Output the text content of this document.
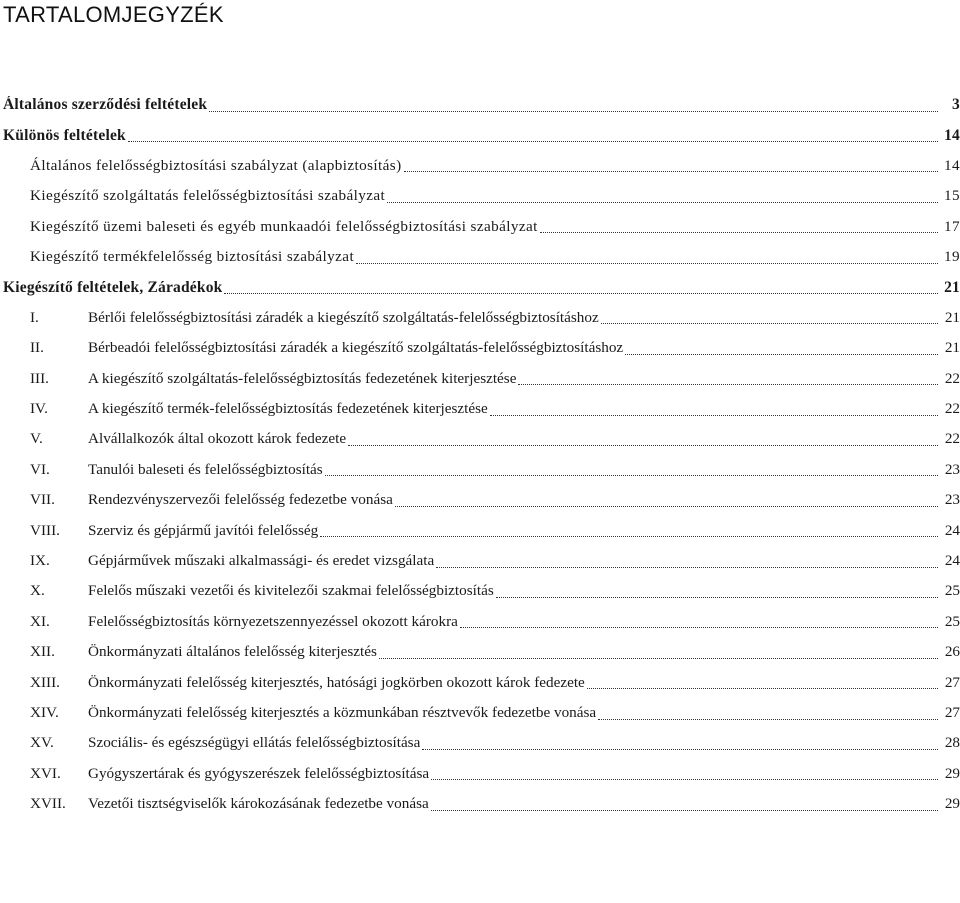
TARTALOMJEGYZÉK
Általános szerződési feltételek	3
Különös feltételek	14
Általános felelősségbiztosítási szabályzat (alapbiztosítás)	14
Kiegészítő szolgáltatás felelősségbiztosítási szabályzat	15
Kiegészítő üzemi baleseti és egyéb munkaadói felelősségbiztosítási szabályzat	17
Kiegészítő termékfelelősség biztosítási szabályzat	19
Kiegészítő feltételek, Záradékok	21
I.	Bérlői felelősségbiztosítási záradék a kiegészítő szolgáltatás-felelősségbiztosításhoz	21
II.	Bérbeadói felelősségbiztosítási záradék a kiegészítő szolgáltatás-felelősségbiztosításhoz	21
III.	A kiegészítő szolgáltatás-felelősségbiztosítás fedezetének kiterjesztése	22
IV.	A kiegészítő termék-felelősségbiztosítás fedezetének kiterjesztése	22
V.	Alvállalkozók által okozott károk fedezete	22
VI.	Tanulói baleseti és felelősségbiztosítás	23
VII.	Rendezvényszervezői felelősség fedezetbe vonása	23
VIII.	Szerviz és gépjármű javítói felelősség	24
IX.	Gépjárművek műszaki alkalmassági- és eredet vizsgálata	24
X.	Felelős műszaki vezetői és kivitelezői szakmai felelősségbiztosítás	25
XI.	Felelősségbiztosítás környezetszennyezéssel okozott károkra	25
XII.	Önkormányzati általános felelősség kiterjesztés	26
XIII.	Önkormányzati felelősség kiterjesztés, hatósági jogkörben okozott károk fedezete	27
XIV.	Önkormányzati felelősség kiterjesztés a közmunkában résztvevők fedezetbe vonása	27
XV.	Szociális- és egészségügyi ellátás felelősségbiztosítása	28
XVI.	Gyógyszertárak és gyógyszerészek felelősségbiztosítása	29
XVII.	Vezetői tisztségviselők károkozásának fedezetbe vonása	29
